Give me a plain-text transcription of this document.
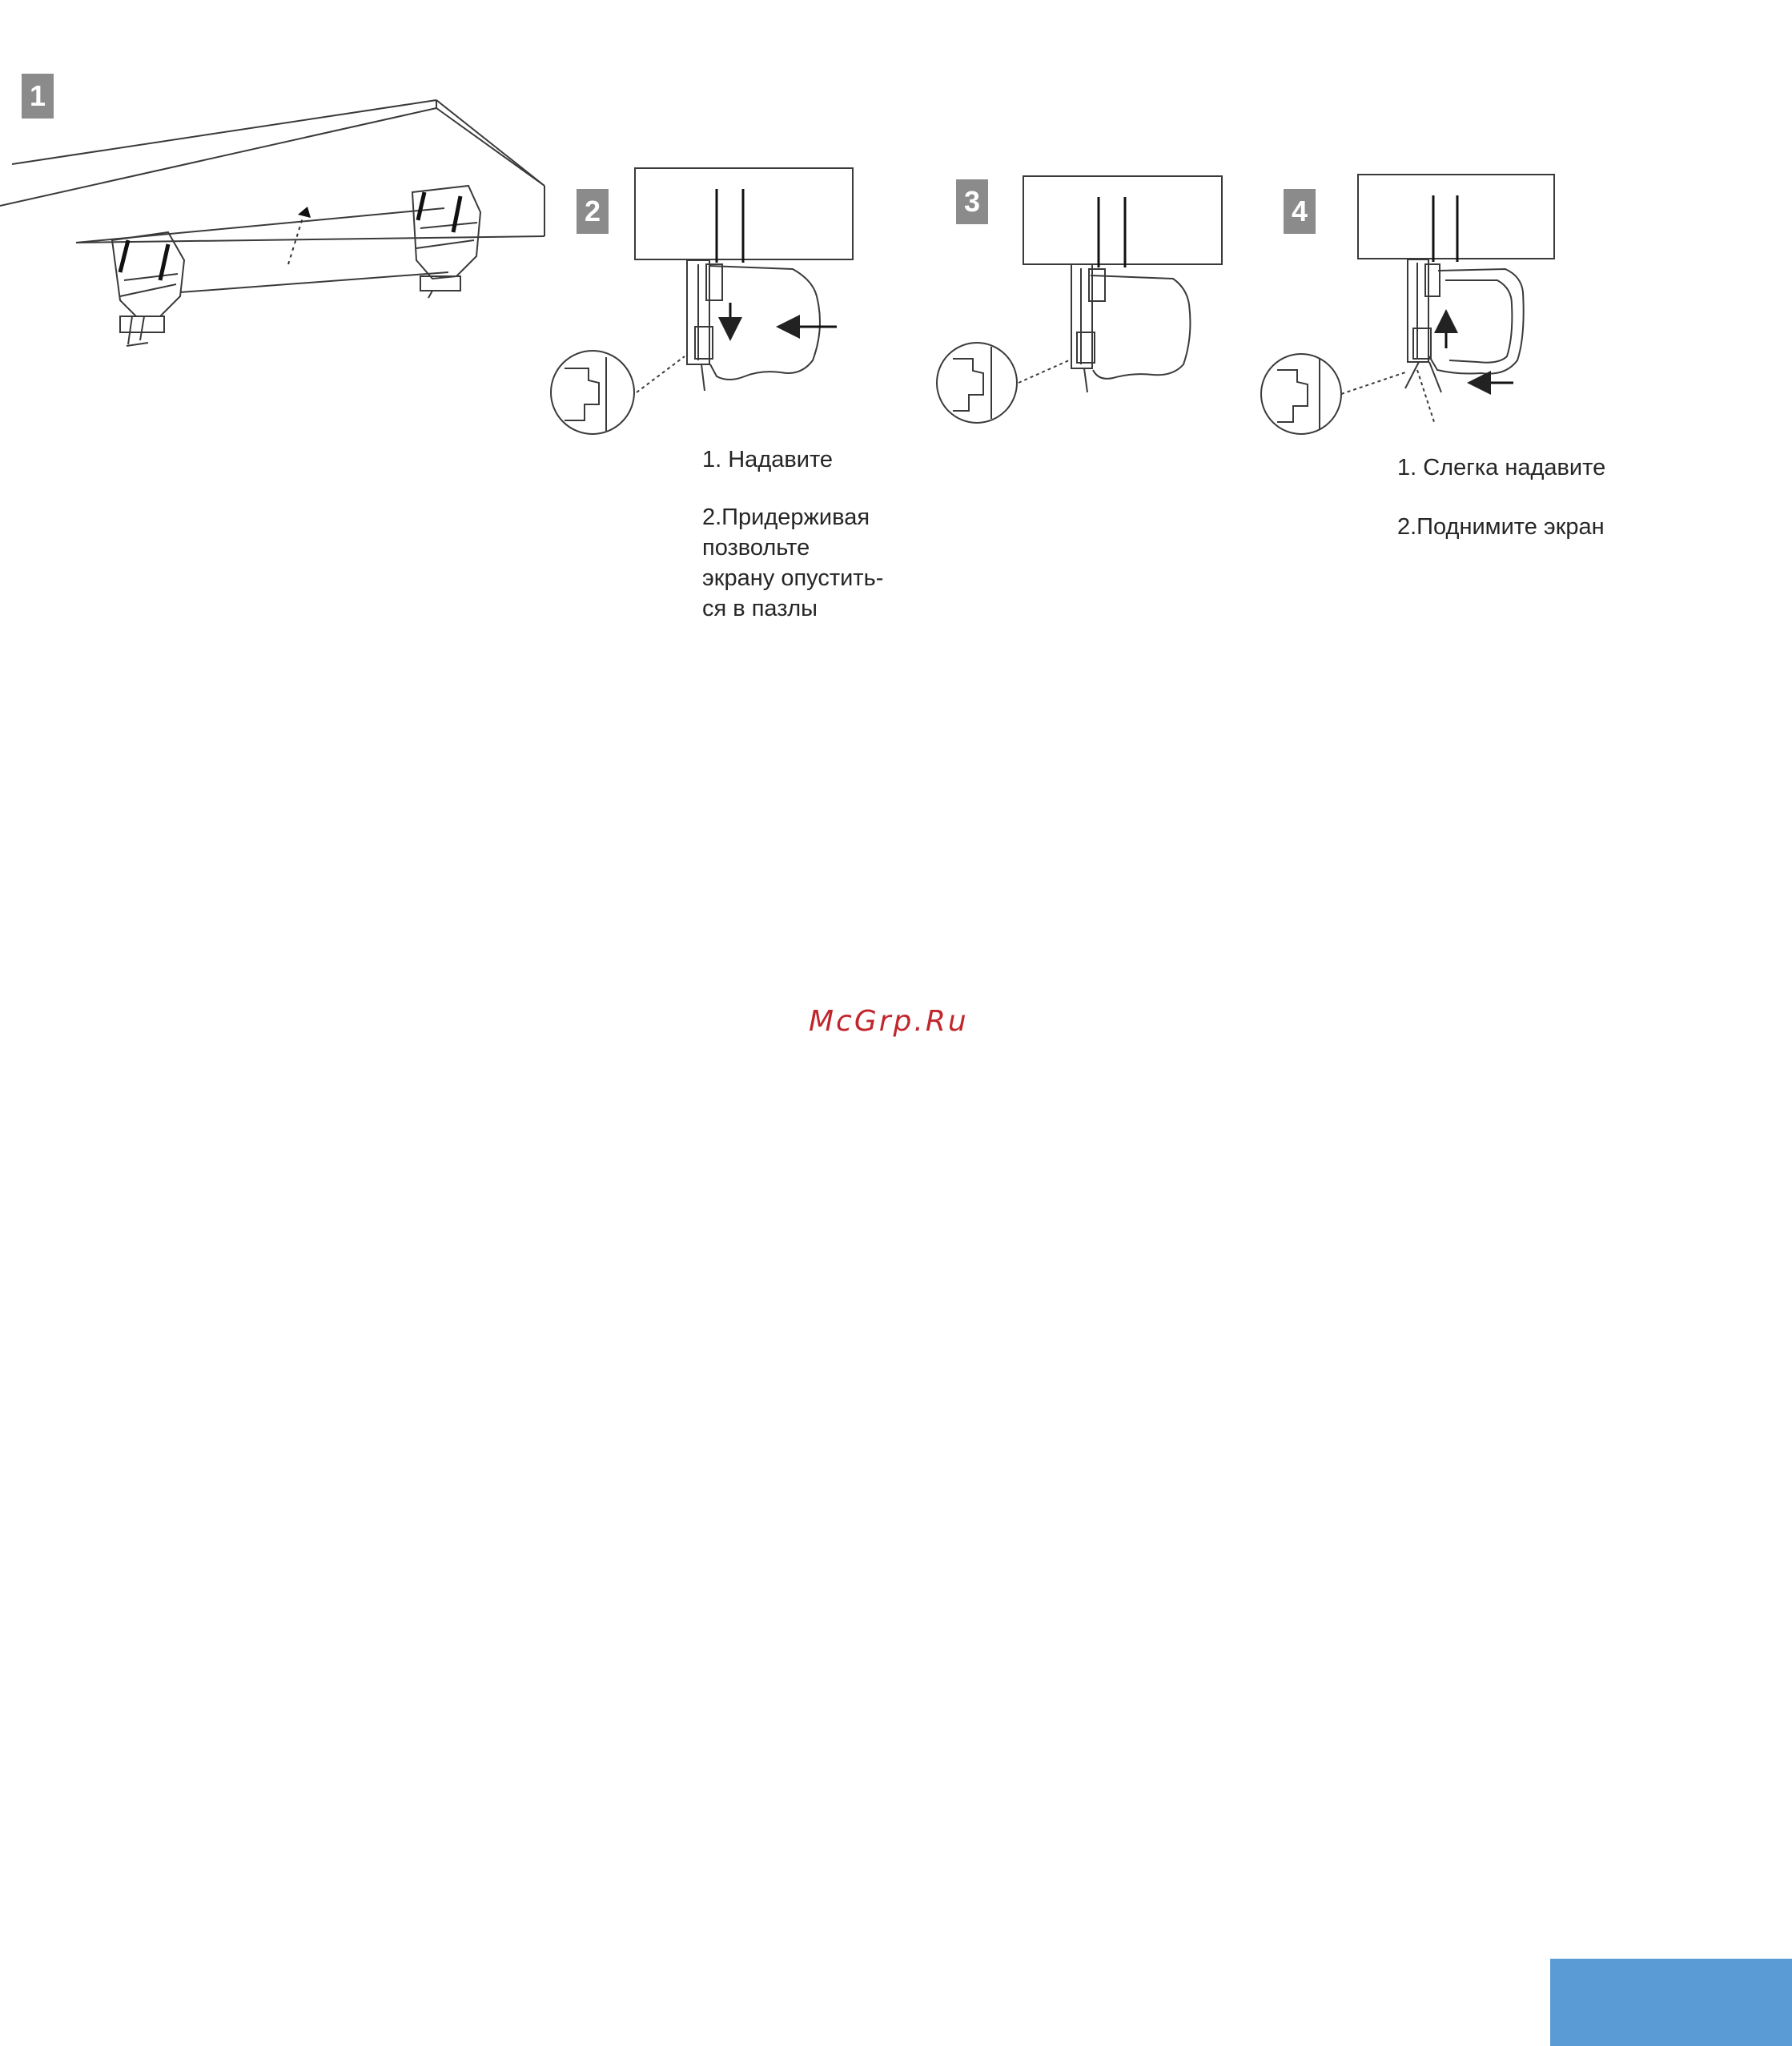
1
2	3	4
1. Надавите
2.Придерживая
позвольте
экрану опустить-
ся в пазлы
1. Слегка надавите
2.Поднимите экран
McGrp.Ru
